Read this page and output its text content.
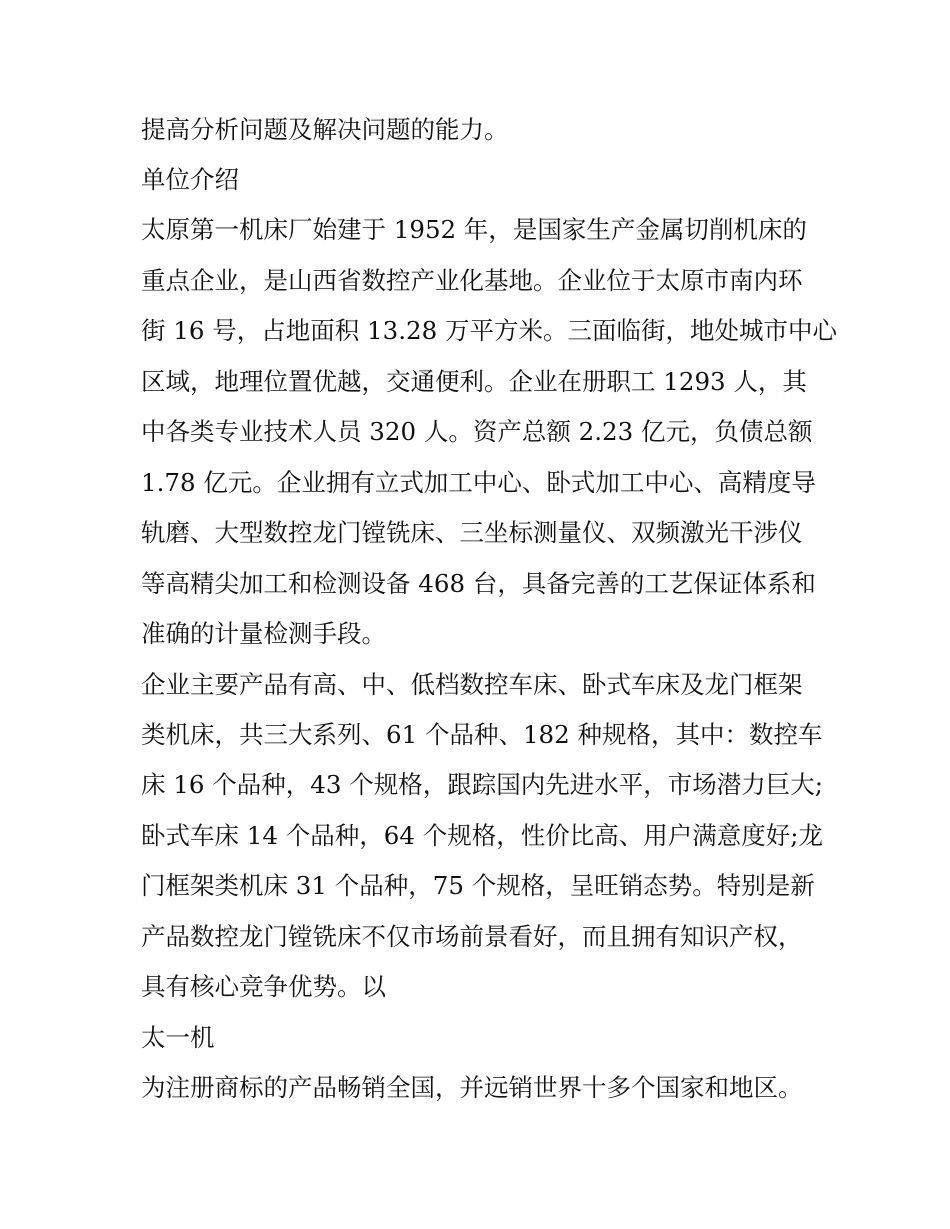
提高分析问题及解决问题的能力。
单位介绍
太原第一机床厂始建于 1952 年，是国家生产金属切削机床的
重点企业，是山西省数控产业化基地。企业位于太原市南内环
街 16 号，占地面积 13.28 万平方米。三面临街，地处城市中心
区域，地理位置优越，交通便利。企业在册职工 1293 人，其
中各类专业技术人员 320 人。资产总额 2.23 亿元，负债总额
1.78 亿元。企业拥有立式加工中心、卧式加工中心、高精度导
轨磨、大型数控龙门镗铣床、三坐标测量仪、双频激光干涉仪
等高精尖加工和检测设备 468 台，具备完善的工艺保证体系和
准确的计量检测手段。
企业主要产品有高、中、低档数控车床、卧式车床及龙门框架
类机床，共三大系列、61 个品种、182 种规格，其中：数控车
床 16 个品种，43 个规格，跟踪国内先进水平，市场潜力巨大;
卧式车床 14 个品种，64 个规格，性价比高、用户满意度好;龙
门框架类机床 31 个品种，75 个规格，呈旺销态势。特别是新
产品数控龙门镗铣床不仅市场前景看好，而且拥有知识产权，
具有核心竞争优势。以
太一机
为注册商标的产品畅销全国，并远销世界十多个国家和地区。
